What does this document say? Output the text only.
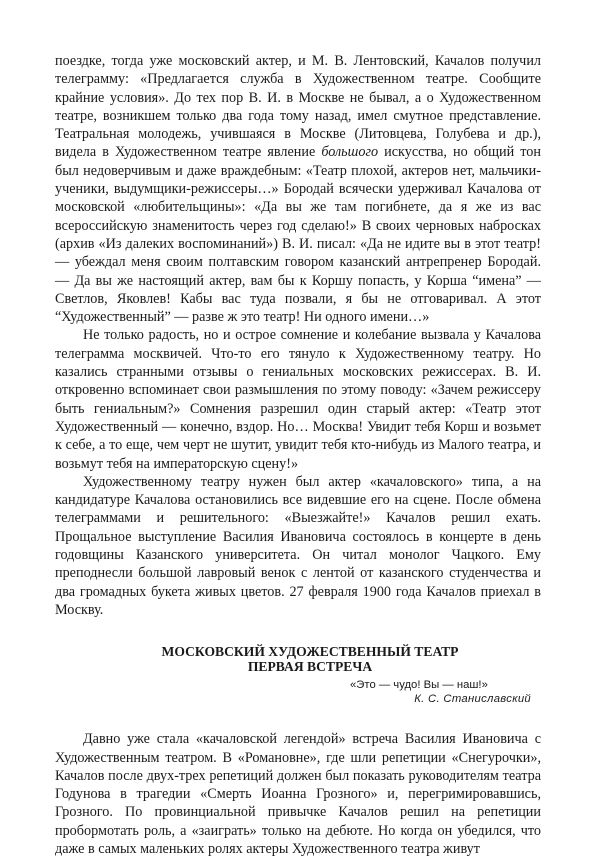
поездке, тогда уже московский актер, и М. В. Лентовский, Качалов получил телеграмму: «Предлагается служба в Художественном театре. Сообщите крайние условия». До тех пор В. И. в Москве не бывал, а о Художественном театре, возникшем только два года тому назад, имел смутное представление. Театральная молодежь, учившаяся в Москве (Литовцева, Голубева и др.), видела в Художественном театре явление большого искусства, но общий тон был недоверчивым и даже враждебным: «Театр плохой, актеров нет, мальчики-ученики, выдумщики-режиссеры…» Бородай всячески удерживал Качалова от московской «любительщины»: «Да вы же там погибнете, да я же из вас всероссийскую знаменитость через год сделаю!» В своих черновых набросках (архив «Из далеких воспоминаний») В. И. писал: «Да не идите вы в этот театр! — убеждал меня своим полтавским говором казанский антрепренер Бородай. — Да вы же настоящий актер, вам бы к Коршу попасть, у Корша “имена” — Светлов, Яковлев! Кабы вас туда позвали, я бы не отговаривал. А этот “Художественный” — разве ж это театр! Ни одного имени…»

Не только радость, но и острое сомнение и колебание вызвала у Качалова телеграмма москвичей. Что-то его тянуло к Художественному театру. Но казались странными отзывы о гениальных московских режиссерах. В. И. откровенно вспоминает свои размышления по этому поводу: «Зачем режиссеру быть гениальным?» Сомнения разрешил один старый актер: «Театр этот Художественный — конечно, вздор. Но… Москва! Увидит тебя Корш и возьмет к себе, а то еще, чем черт не шутит, увидит тебя кто-нибудь из Малого театра, и возьмут тебя на императорскую сцену!»

Художественному театру нужен был актер «качаловского» типа, а на кандидатуре Качалова остановились все видевшие его на сцене. После обмена телеграммами и решительного: «Выезжайте!» Качалов решил ехать. Прощальное выступление Василия Ивановича состоялось в концерте в день годовщины Казанского университета. Он читал монолог Чацкого. Ему преподнесли большой лавровый венок с лентой от казанского студенчества и два громадных букета живых цветов. 27 февраля 1900 года Качалов приехал в Москву.

МОСКОВСКИЙ ХУДОЖЕСТВЕННЫЙ ТЕАТР
ПЕРВАЯ ВСТРЕЧА
«Это — чудо! Вы — наш!»
К. С. Станиславский

Давно уже стала «качаловской легендой» встреча Василия Ивановича с Художественным театром. В «Романовне», где шли репетиции «Снегурочки», Качалов после двух-трех репетиций должен был показать руководителям театра Годунова в трагедии «Смерть Иоанна Грозного» и, перегримировавшись, Грозного. По провинциальной привычке Качалов решил на репетиции пробормотать роль, а «заиграть» только на дебюте. Но когда он убедился, что даже в самых маленьких ролях актеры Художественного театра живут
